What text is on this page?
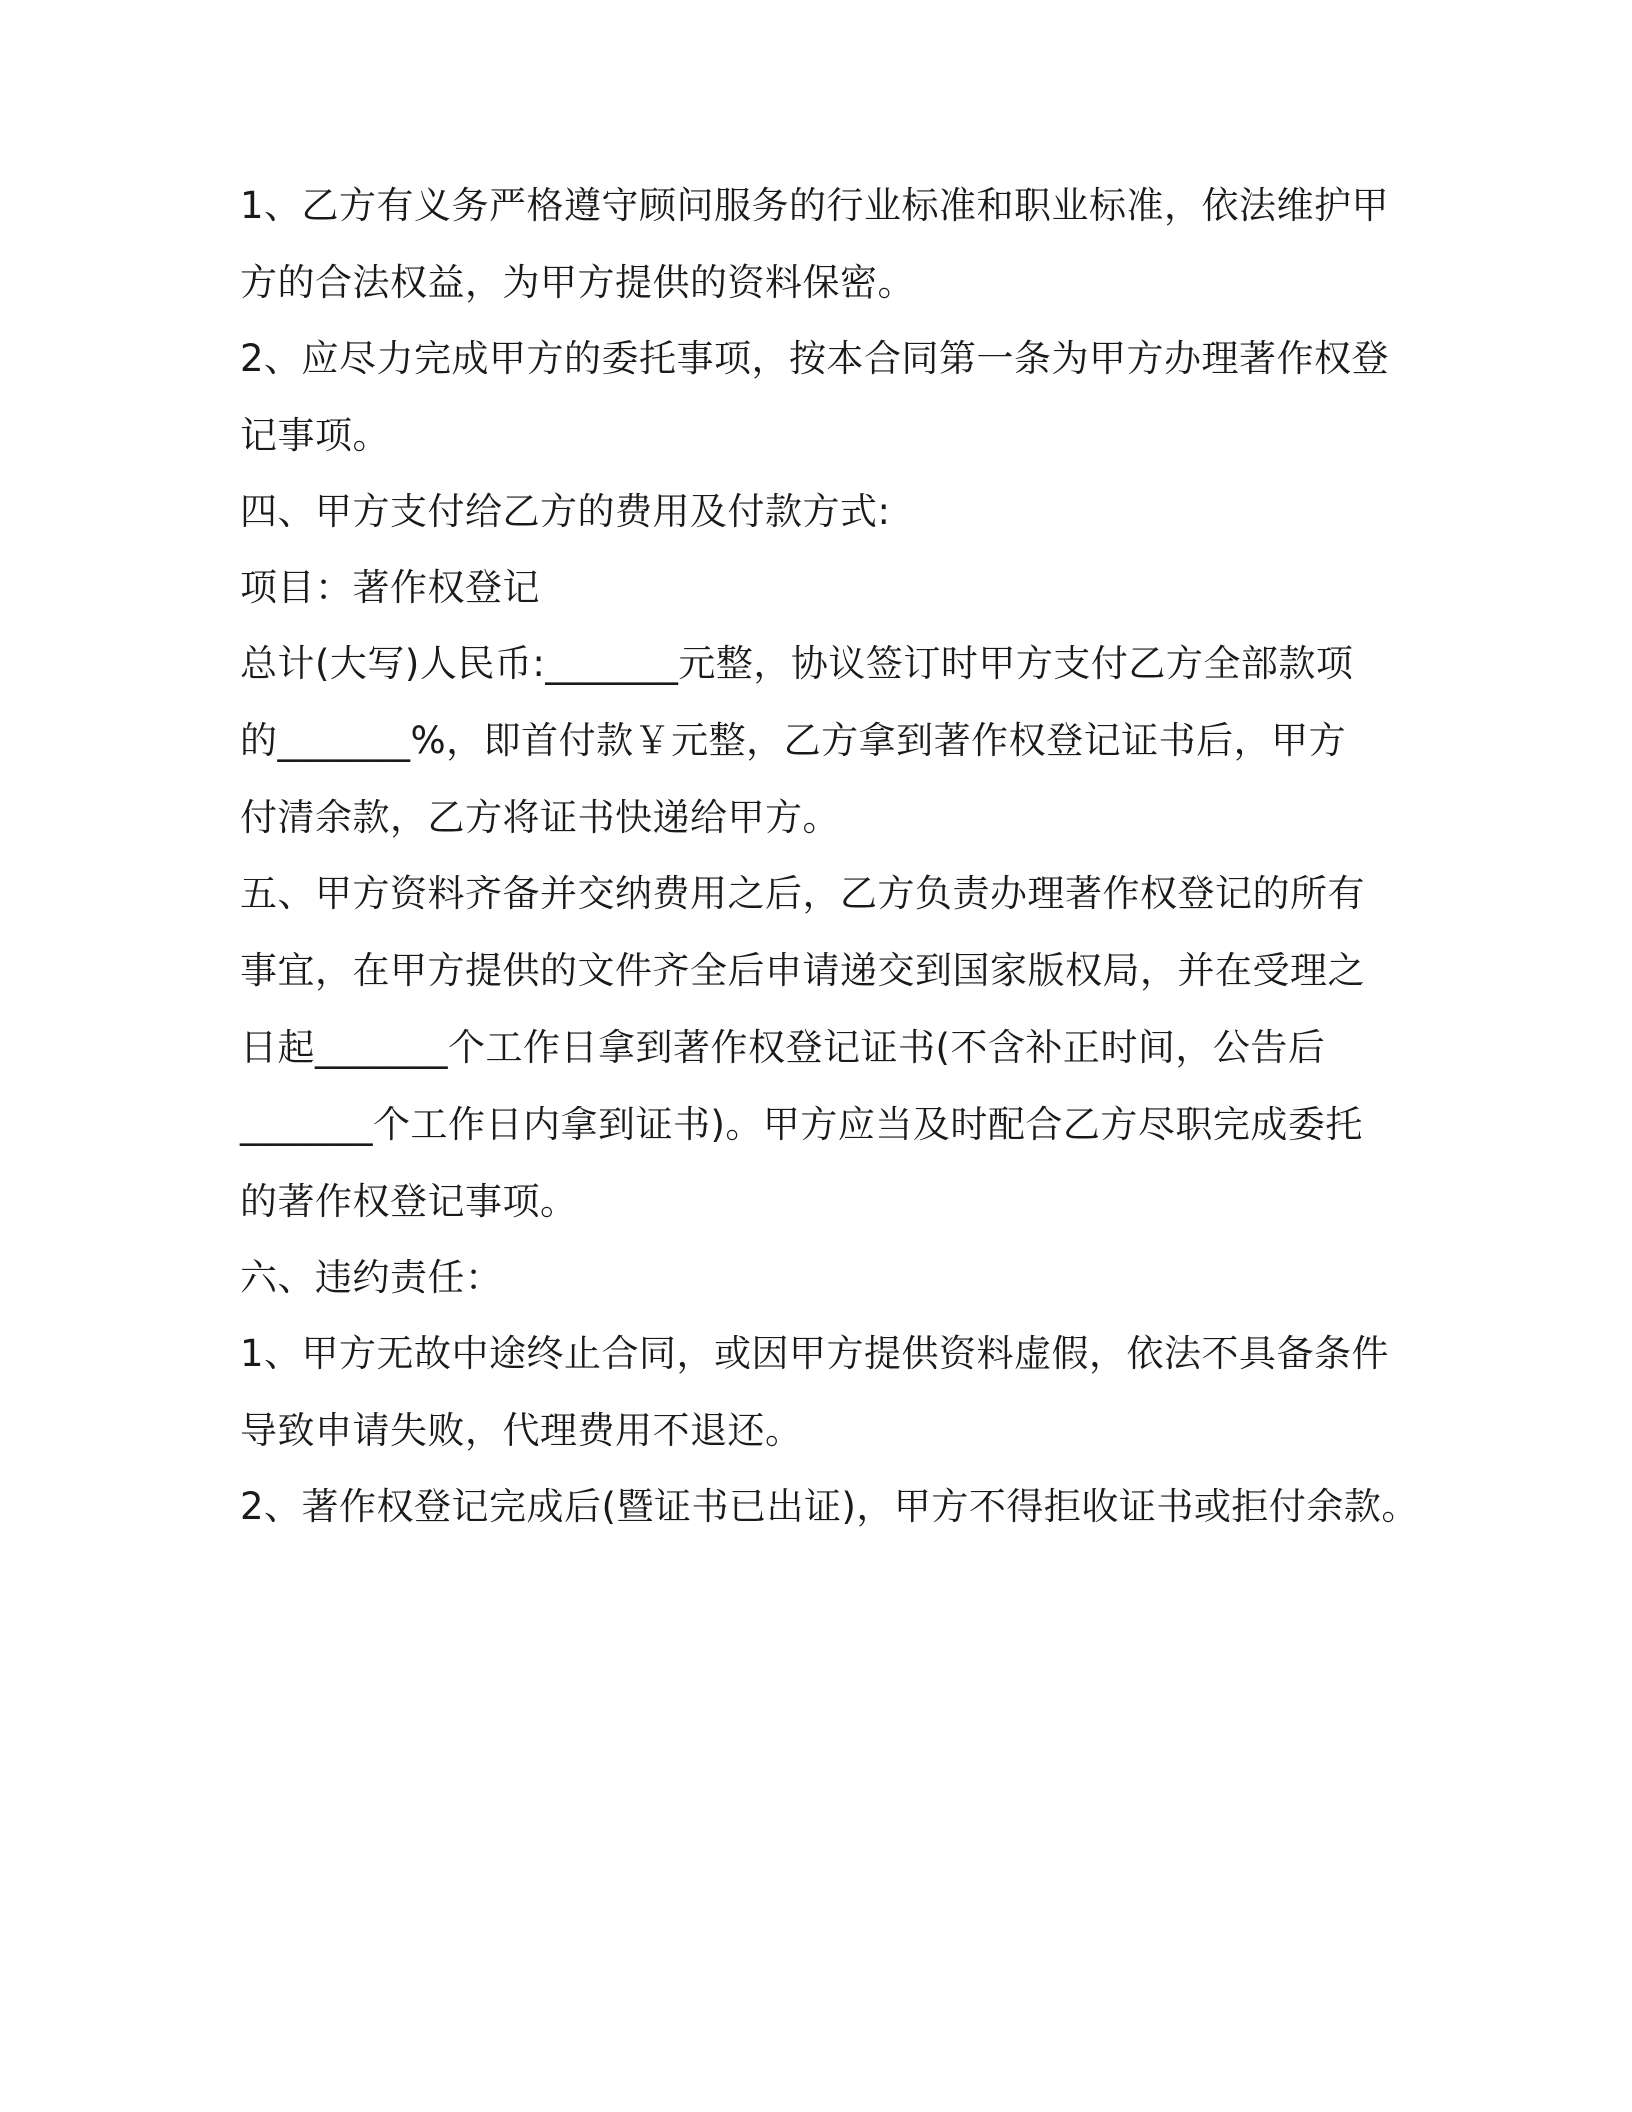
1、乙方有义务严格遵守顾问服务的行业标准和职业标准，依法维护甲
方的合法权益，为甲方提供的资料保密。
2、应尽力完成甲方的委托事项，按本合同第一条为甲方办理著作权登
记事项。
四、甲方支付给乙方的费用及付款方式:
项目：著作权登记
总计(大写)人民币:_______元整，协议签订时甲方支付乙方全部款项
的_______%，即首付款￥元整，乙方拿到著作权登记证书后，甲方
付清余款，乙方将证书快递给甲方。
五、甲方资料齐备并交纳费用之后，乙方负责办理著作权登记的所有
事宜，在甲方提供的文件齐全后申请递交到国家版权局，并在受理之
日起_______个工作日拿到著作权登记证书(不含补正时间，公告后
_______个工作日内拿到证书)。甲方应当及时配合乙方尽职完成委托
的著作权登记事项。
六、违约责任：
1、甲方无故中途终止合同，或因甲方提供资料虚假，依法不具备条件
导致申请失败，代理费用不退还。
2、著作权登记完成后(暨证书已出证)，甲方不得拒收证书或拒付余款。
